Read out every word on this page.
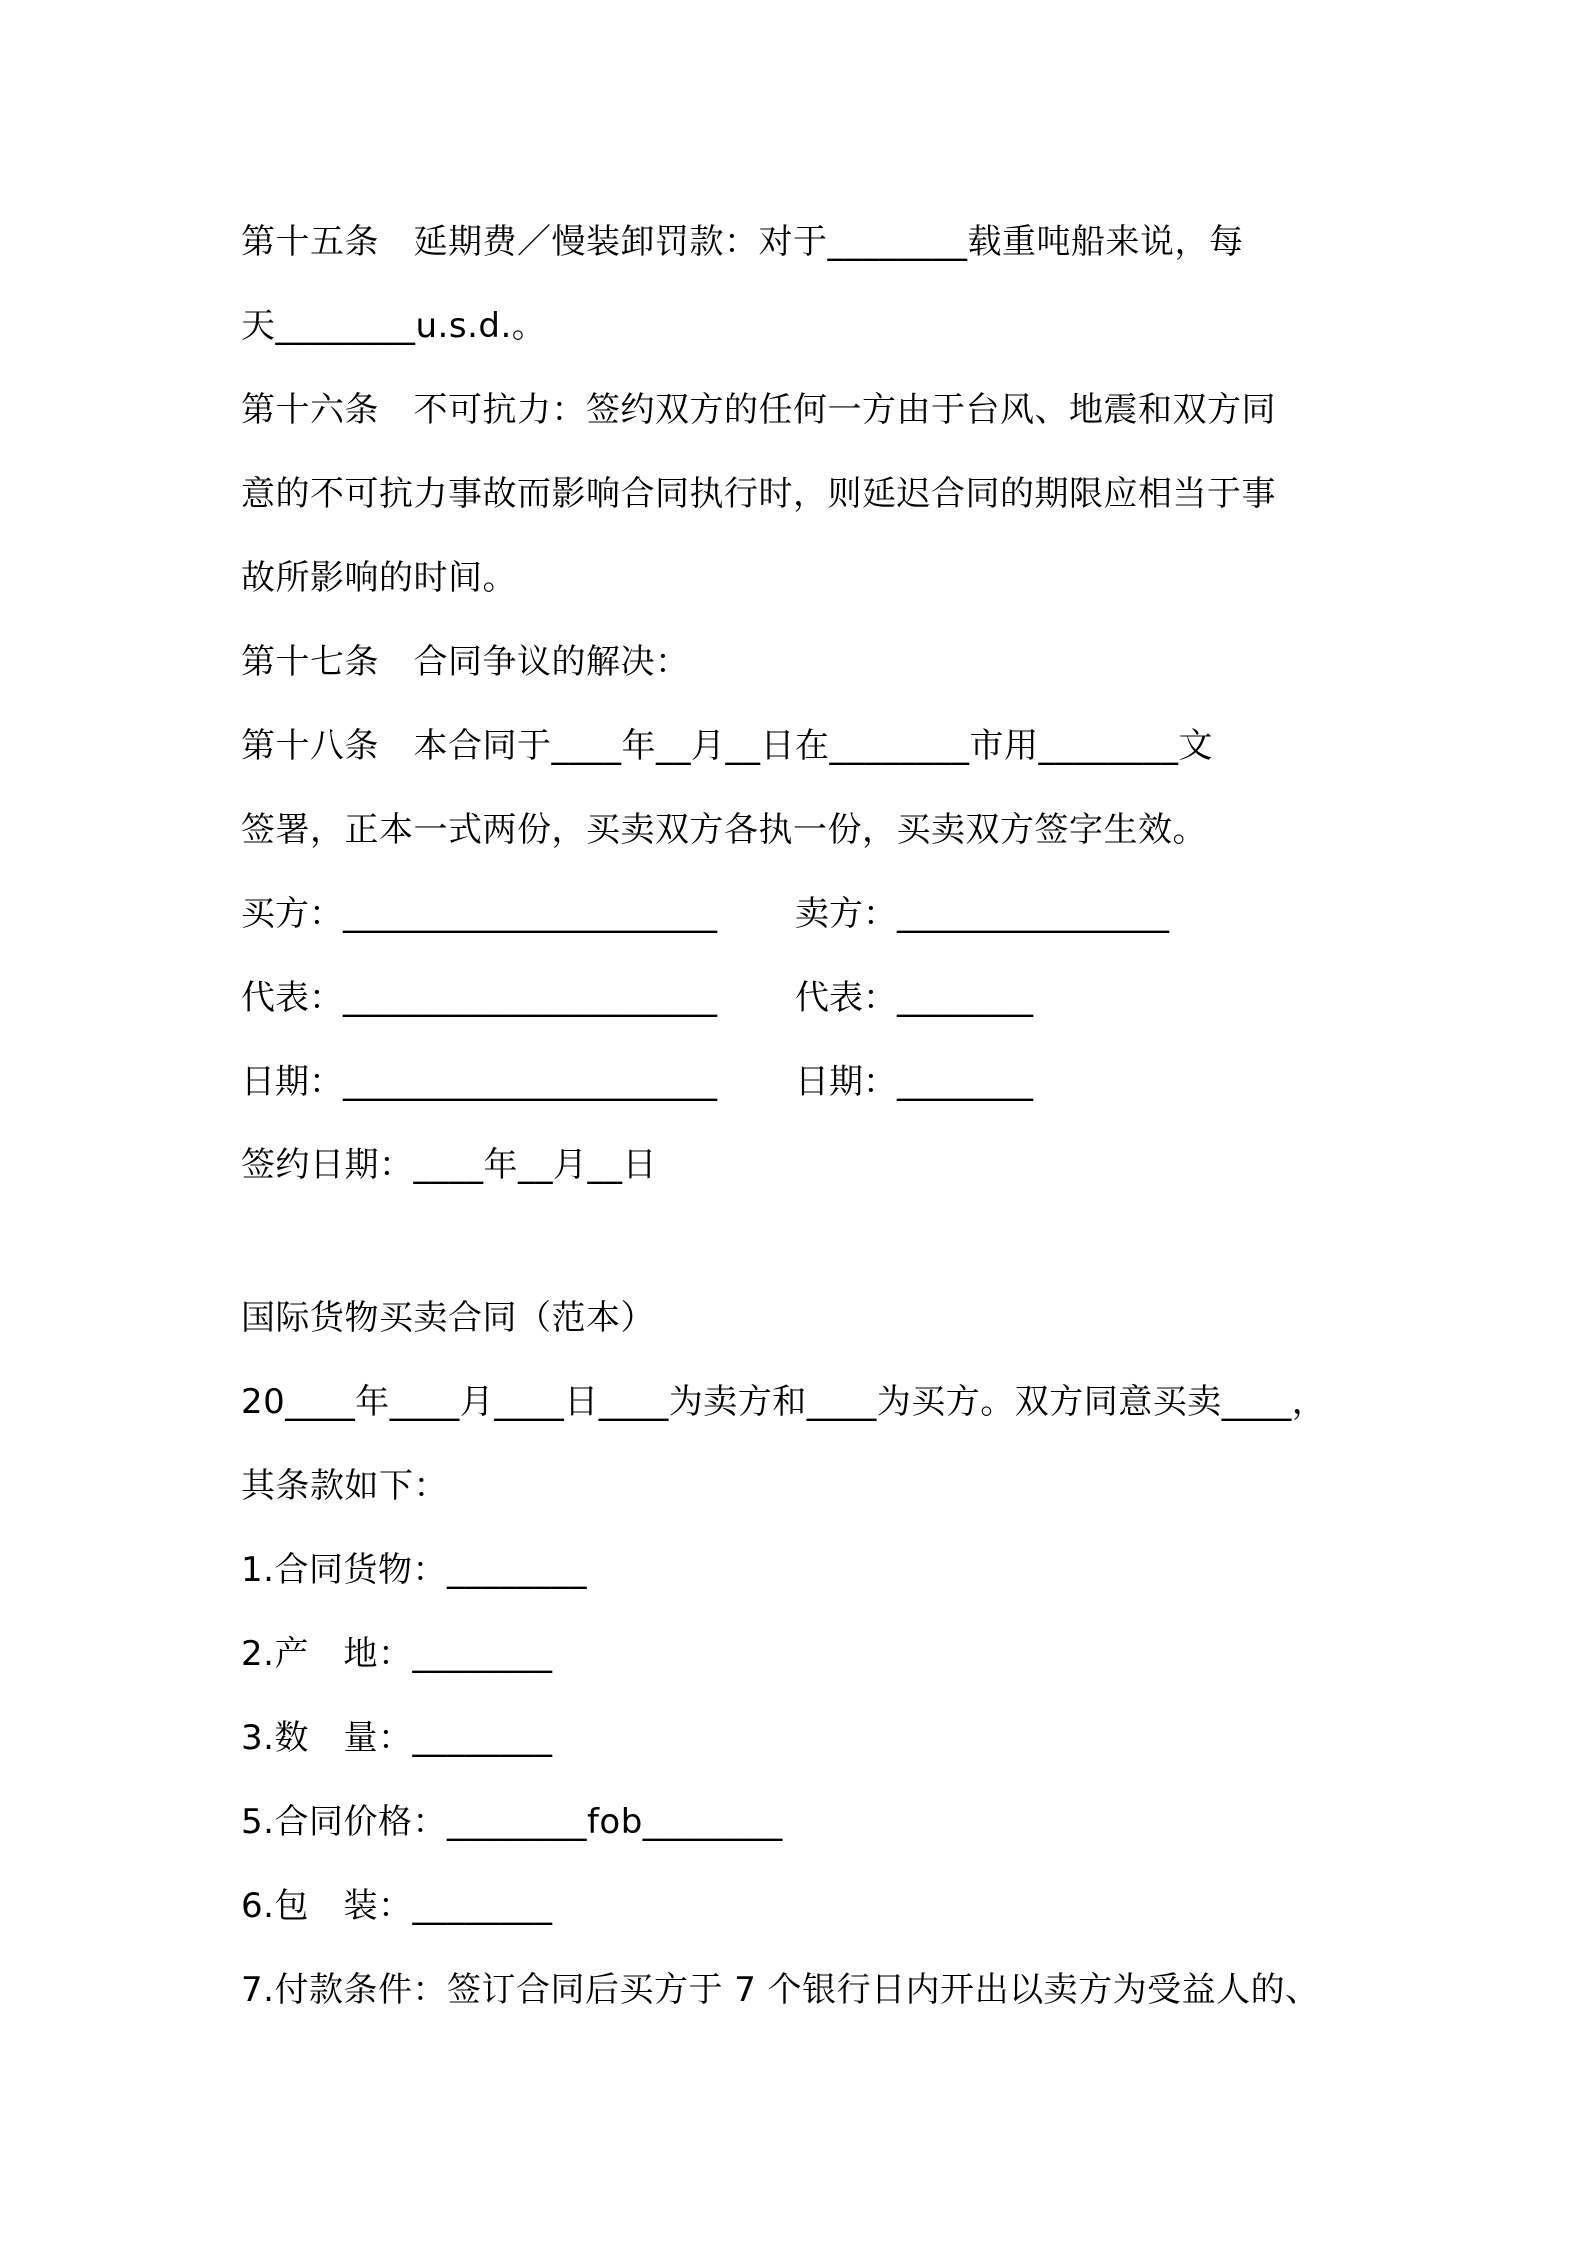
第十五条　延期费／慢装卸罚款：对于________载重吨船来说，每

天________u.s.d.。

第十六条　不可抗力：签约双方的任何一方由于台风、地震和双方同

意的不可抗力事故而影响合同执行时，则延迟合同的期限应相当于事

故所影响的时间。

第十七条　合同争议的解决：

第十八条　本合同于____年__月__日在________市用________文

签署，正本一式两份，买卖双方各执一份，买卖双方签字生效。

买方：______________________	卖方：________________
代表：______________________	代表：________
日期：______________________	日期：________

签约日期：____年__月__日

国际货物买卖合同（范本）

20____年____月____日____为卖方和____为买方。双方同意买卖____，

其条款如下：

1.合同货物：________

2.产　地：________

3.数　量：________

5.合同价格：________fob________

6.包　装：________

7.付款条件：签订合同后买方于 7 个银行日内开出以卖方为受益人的、
